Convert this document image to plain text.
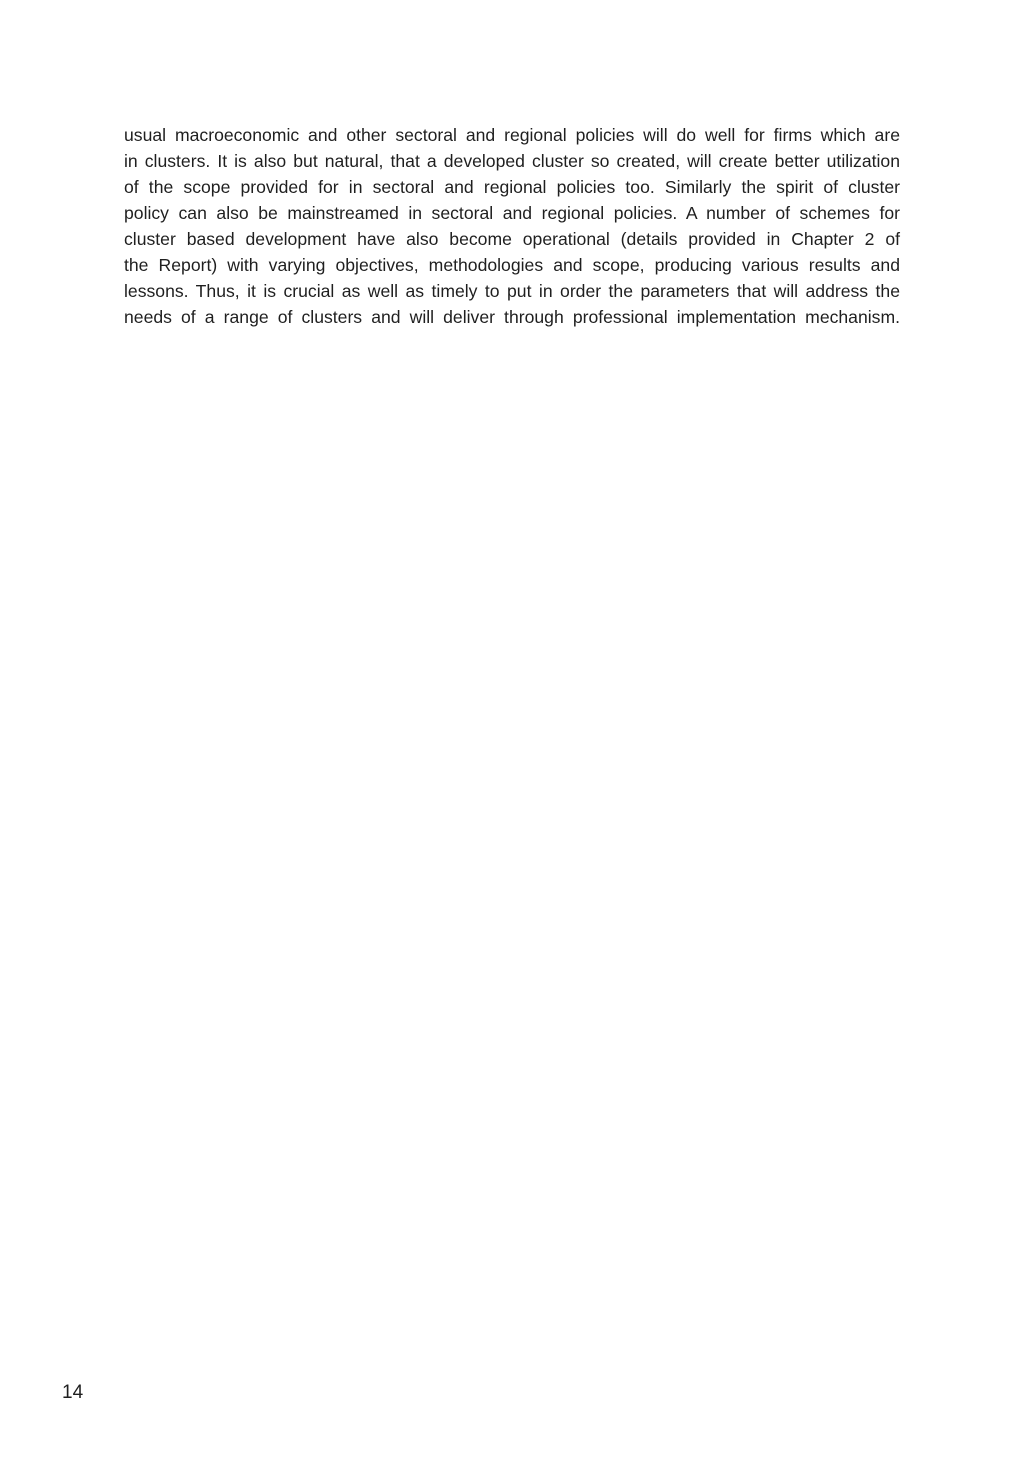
usual macroeconomic and other sectoral and regional policies will do well for firms which are
in clusters. It is also but natural, that a developed cluster so created, will create better utilization
of the scope provided for in sectoral and regional policies too. Similarly the spirit of cluster
policy can also be mainstreamed in sectoral and regional policies. A number of schemes for
cluster based development have also become operational (details provided in Chapter 2 of
the Report) with varying objectives, methodologies and scope, producing various results and
lessons. Thus, it is crucial as well as timely to put in order the parameters that will address the
needs of a range of clusters and will deliver through professional implementation mechanism.

14
